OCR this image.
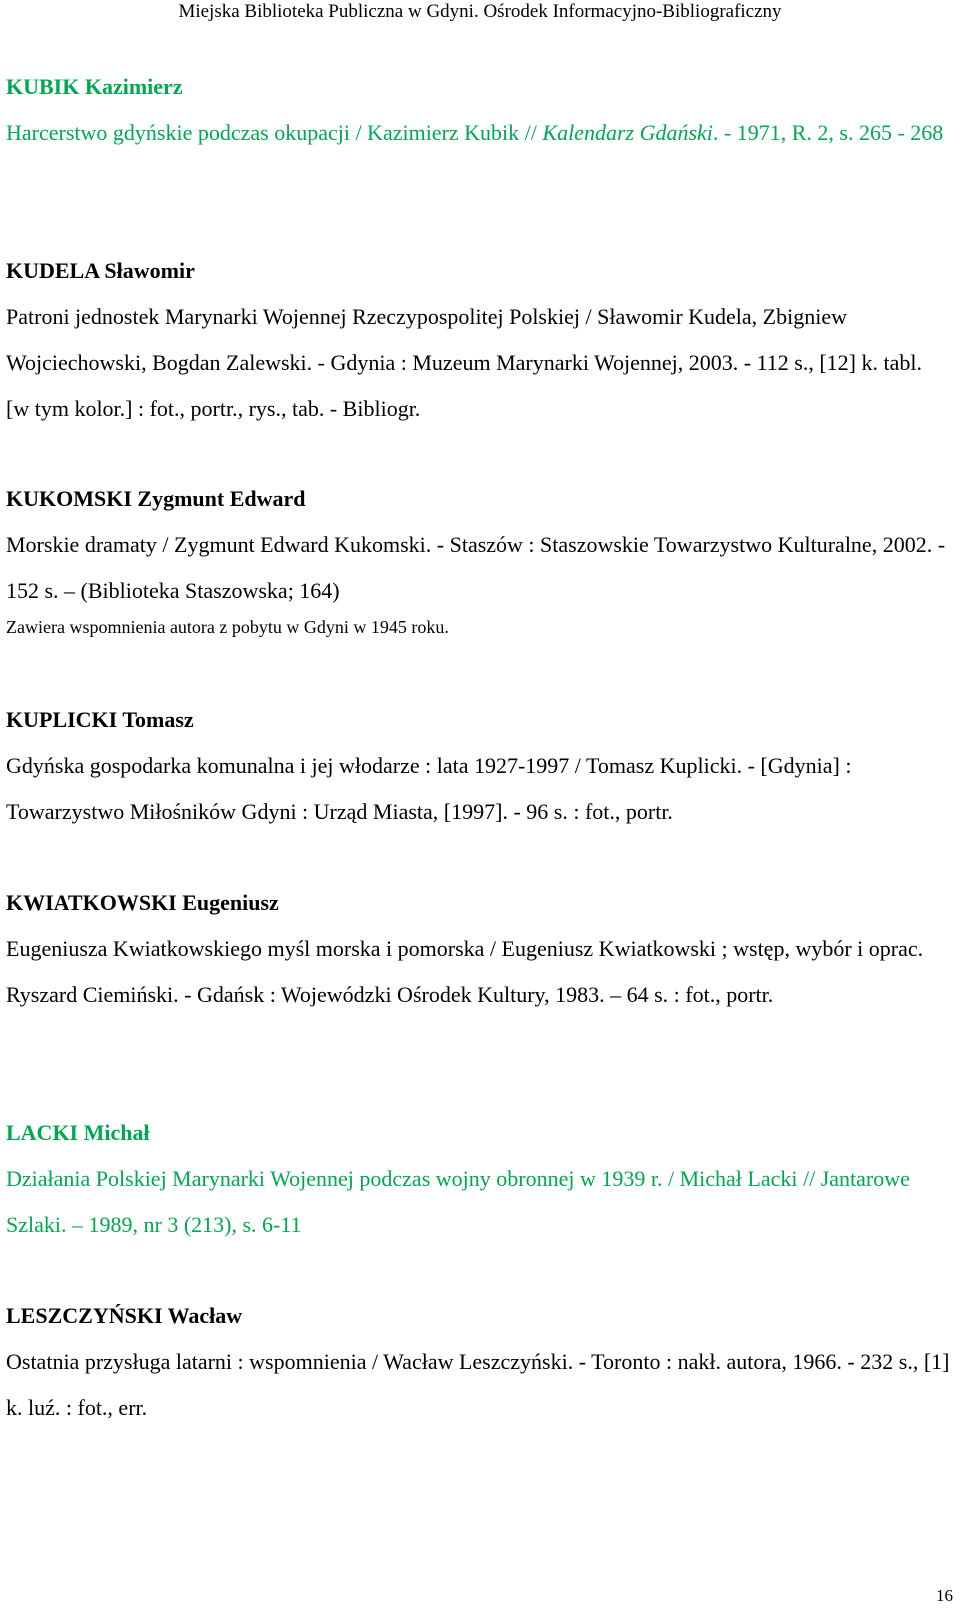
Miejska Biblioteka Publiczna w Gdyni. Ośrodek Informacyjno-Bibliograficzny
KUBIK Kazimierz
Harcerstwo gdyńskie podczas okupacji / Kazimierz Kubik // Kalendarz Gdański. - 1971, R. 2, s. 265 - 268
KUDELA Sławomir
Patroni jednostek Marynarki Wojennej Rzeczypospolitej Polskiej / Sławomir Kudela, Zbigniew Wojciechowski, Bogdan Zalewski. - Gdynia : Muzeum Marynarki Wojennej, 2003. - 112 s., [12] k. tabl. [w tym kolor.] : fot., portr., rys., tab. - Bibliogr.
KUKOMSKI Zygmunt Edward
Morskie dramaty / Zygmunt Edward Kukomski. - Staszów : Staszowskie Towarzystwo Kulturalne, 2002. - 152 s. – (Biblioteka Staszowska; 164)
Zawiera wspomnienia autora z pobytu w Gdyni w 1945 roku.
KUPLICKI Tomasz
Gdyńska gospodarka komunalna i jej włodarze : lata 1927-1997 / Tomasz Kuplicki. - [Gdynia] : Towarzystwo Miłośników Gdyni : Urząd Miasta, [1997]. - 96 s. : fot., portr.
KWIATKOWSKI Eugeniusz
Eugeniusza Kwiatkowskiego myśl morska i pomorska / Eugeniusz Kwiatkowski ; wstęp, wybór i oprac. Ryszard Ciemiński. - Gdańsk : Wojewódzki Ośrodek Kultury, 1983. – 64 s. : fot., portr.
LACKI Michał
Działania Polskiej Marynarki Wojennej podczas wojny obronnej w 1939 r. / Michał Lacki // Jantarowe Szlaki. – 1989, nr 3 (213), s. 6-11
LESZCZYŃSKI Wacław
Ostatnia przysługa latarni : wspomnienia / Wacław Leszczyński. - Toronto : nakł. autora, 1966. - 232 s., [1] k. luź. : fot., err.
16
